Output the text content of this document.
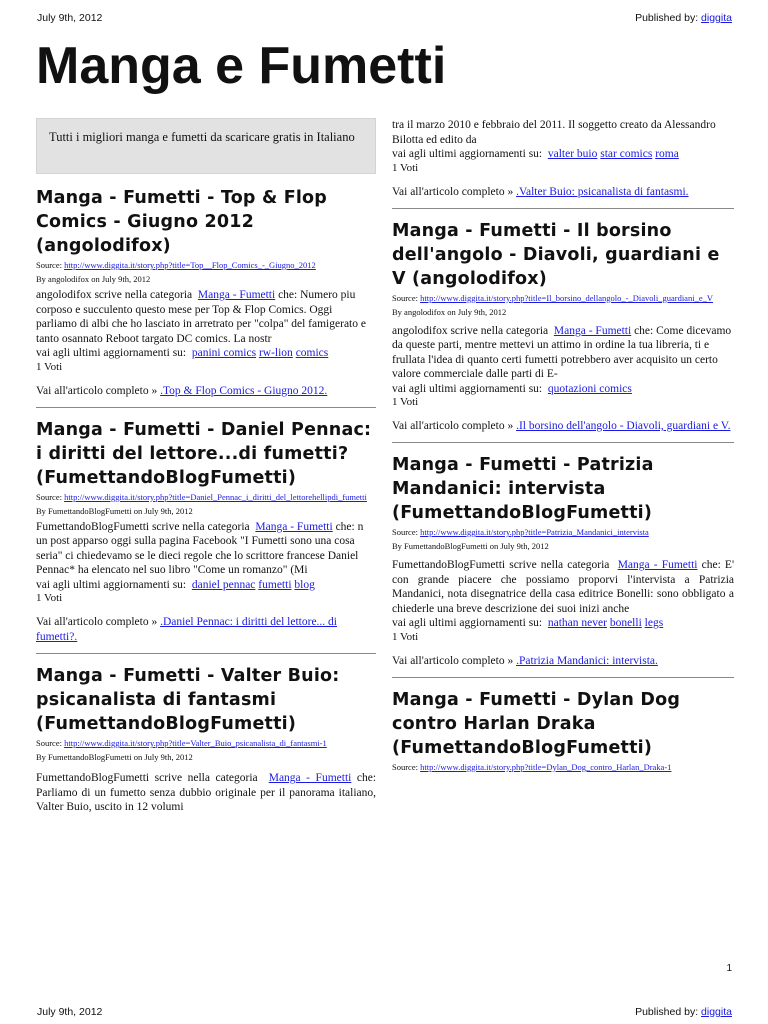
July 9th, 2012	Published by: diggita
Manga e Fumetti
Tutti i migliori manga e fumetti da scaricare gratis in Italiano
Manga - Fumetti - Top & Flop Comics - Giugno 2012 (angolodifox)
Source: http://www.diggita.it/story.php?title=Top__Flop_Comics_-_Giugno_2012
By angolodifox on July 9th, 2012
angolodifox scrive nella categoria Manga - Fumetti che: Numero piu corposo e succulento questo mese per Top & Flop Comics. Oggi parliamo di albi che ho lasciato in arretrato per "colpa" del famigerato e tanto osannato Reboot targato DC comics. La nostr
vai agli ultimi aggiornamenti su: panini comics rw-lion comics
1 Voti
Vai all'articolo completo » .Top & Flop Comics - Giugno 2012.
Manga - Fumetti - Daniel Pennac: i diritti del lettore...di fumetti? (FumettandoBlogFumetti)
Source: http://www.diggita.it/story.php?title=Daniel_Pennac_i_diritti_del_lettorehellipdi_fumetti
By FumettandoBlogFumetti on July 9th, 2012
FumettandoBlogFumetti scrive nella categoria Manga - Fumetti che: n un post apparso oggi sulla pagina Facebook "I Fumetti sono una cosa seria" ci chiedevamo se le dieci regole che lo scrittore francese Daniel Pennac* ha elencato nel suo libro "Come un romanzo" (Mi
vai agli ultimi aggiornamenti su: daniel pennac fumetti blog
1 Voti
Vai all'articolo completo » .Daniel Pennac: i diritti del lettore... di fumetti?.
Manga - Fumetti - Valter Buio: psicanalista di fantasmi (FumettandoBlogFumetti)
Source: http://www.diggita.it/story.php?title=Valter_Buio_psicanalista_di_fantasmi-1
By FumettandoBlogFumetti on July 9th, 2012
FumettandoBlogFumetti scrive nella categoria Manga - Fumetti che: Parliamo di un fumetto senza dubbio originale per il panorama italiano, Valter Buio, uscito in 12 volumi
tra il marzo 2010 e febbraio del 2011. Il soggetto creato da Alessandro Bilotta ed edito da
vai agli ultimi aggiornamenti su: valter buio star comics roma
1 Voti
Vai all'articolo completo » .Valter Buio: psicanalista di fantasmi.
Manga - Fumetti - Il borsino dell'angolo - Diavoli, guardiani e V (angolodifox)
Source: http://www.diggita.it/story.php?title=Il_borsino_dellangolo_-_Diavoli_guardiani_e_V
By angolodifox on July 9th, 2012
angolodifox scrive nella categoria Manga - Fumetti che: Come dicevamo da queste parti, mentre mettevi un attimo in ordine la tua libreria, ti e frullata l'idea di quanto certi fumetti potrebbero aver acquisito un certo valore commerciale dalle parti di E-
vai agli ultimi aggiornamenti su: quotazioni comics
1 Voti
Vai all'articolo completo » .Il borsino dell'angolo - Diavoli, guardiani e V.
Manga - Fumetti - Patrizia Mandanici: intervista (FumettandoBlogFumetti)
Source: http://www.diggita.it/story.php?title=Patrizia_Mandanici_intervista
By FumettandoBlogFumetti on July 9th, 2012
FumettandoBlogFumetti scrive nella categoria Manga - Fumetti che: E' con grande piacere che possiamo proporvi l'intervista a Patrizia Mandanici, nota disegnatrice della casa editrice Bonelli: sono obbligato a chiederle una breve descrizione dei suoi inizi anche
vai agli ultimi aggiornamenti su: nathan never bonelli legs
1 Voti
Vai all'articolo completo » .Patrizia Mandanici: intervista.
Manga - Fumetti - Dylan Dog contro Harlan Draka (FumettandoBlogFumetti)
Source: http://www.diggita.it/story.php?title=Dylan_Dog_contro_Harlan_Draka-1
1
July 9th, 2012	Published by: diggita
